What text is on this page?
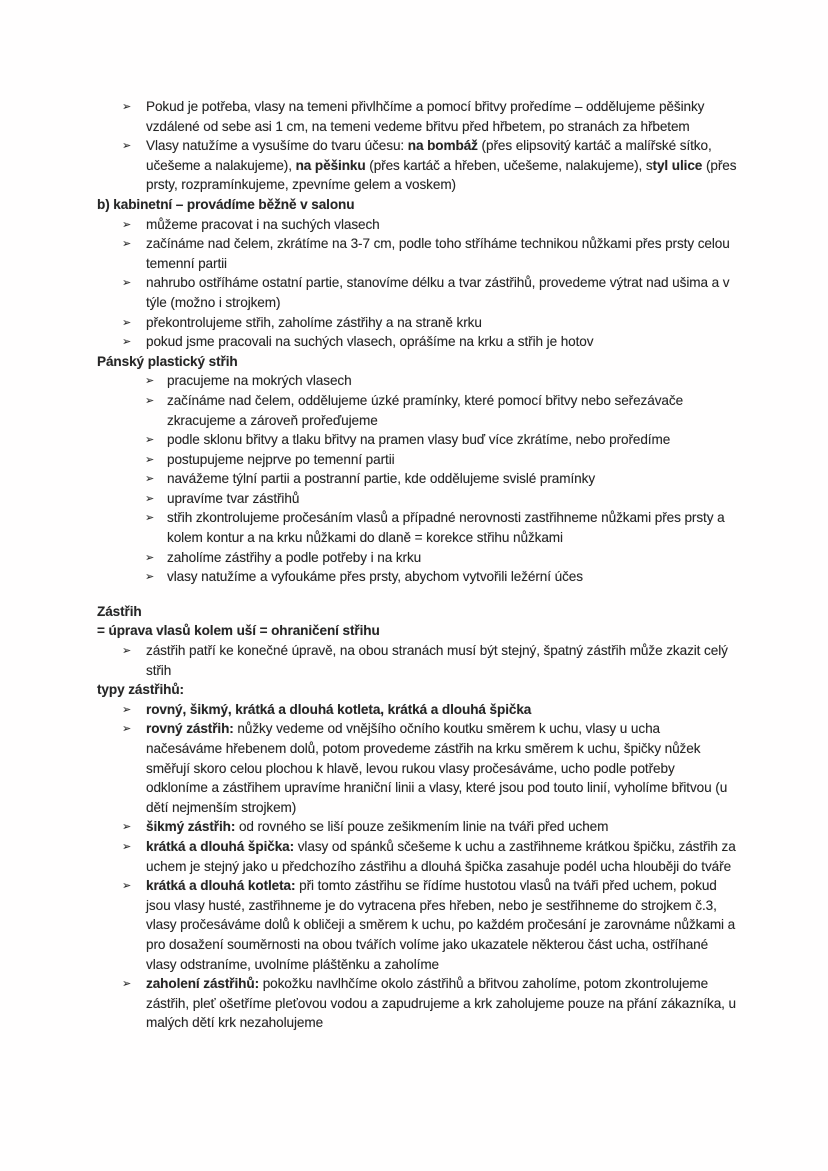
➢	Pokud je potřeba, vlasy na temeni přivlhčíme a pomocí břitvy proředíme – oddělujeme pěšinky vzdálené od sebe asi 1 cm, na temeni vedeme břitvu před hřbetem, po stranách za hřbetem
➢	Vlasy natužíme a vysušíme do tvaru účesu: na bombáž (přes elipsovitý kartáč a malířské sítko, učešeme a nalakujeme), na pěšinku (přes kartáč a hřeben, učešeme, nalakujeme), styl ulice (přes prsty, rozpramínkujeme, zpevníme gelem a voskem)
b) kabinetní – provádíme běžně v salonu
➢	můžeme pracovat i na suchých vlasech
➢	začínáme nad čelem, zkrátíme na 3-7 cm, podle toho stříháme technikou nůžkami přes prsty celou temenní partii
➢	nahrubo ostříháme ostatní partie, stanovíme délku a tvar zástřihů, provedeme výtrat nad ušima a v týle (možno i strojkem)
➢	překontrolujeme střih, zaholíme zástřihy a na straně krku
➢	pokud jsme pracovali na suchých vlasech, oprášíme na krku a střih je hotov
Pánský plastický střih
➢ pracujeme na mokrých vlasech
➢ začínáme nad čelem, oddělujeme úzké pramínky, které pomocí břitvy nebo seřezávače zkracujeme a zároveň prořeďujeme
➢ podle sklonu břitvy a tlaku břitvy na pramen vlasy buď více zkrátíme, nebo proředíme
➢ postupujeme nejprve po temenní partii
➢ navážeme týlní partii a postranní partie, kde oddělujeme svislé pramínky
➢ upravíme tvar zástřihů
➢ střih zkontrolujeme pročesáním vlasů a případné nerovnosti zastřihneme nůžkami přes prsty a kolem kontur a na krku nůžkami do dlaně = korekce střihu nůžkami
➢ zaholíme zástřihy a podle potřeby i na krku
➢ vlasy natužíme a vyfoukáme přes prsty, abychom vytvořili ležérní účes
Zástřih
= úprava vlasů kolem uší = ohraničení střihu
➢	zástřih patří ke konečné úpravě, na obou stranách musí být stejný, špatný zástřih může zkazit celý střih
typy zástřihů:
➢	rovný, šikmý, krátká a dlouhá kotleta, krátká a dlouhá špička
➢	rovný zástřih: nůžky vedeme od vnějšího očního koutku směrem k uchu, vlasy u ucha načesáváme hřebenem dolů, potom provedeme zástřih na krku směrem k uchu, špičky nůžek směřují skoro celou plochou k hlavě, levou rukou vlasy pročesáváme, ucho podle potřeby odkloníme a zástřihem upravíme hraniční linii a vlasy, které jsou pod touto linií, vyholíme břitvou (u dětí nejmenším strojkem)
➢	šikmý zástřih: od rovného se liší pouze zešikmením linie na tváři před uchem
➢	krátká a dlouhá špička: vlasy od spánků sčešeme k uchu a zastřihneme krátkou špičku, zástřih za uchem je stejný jako u předchozího zástřihu a dlouhá špička zasahuje podél ucha hlouběji do tváře
➢	krátká a dlouhá kotleta: při tomto zástřihu se řídíme hustotou vlasů na tváři před uchem, pokud jsou vlasy husté, zastřihneme je do vytracena přes hřeben, nebo je sestřihneme do strojkem č.3, vlasy pročesáváme dolů k obličeji a směrem k uchu, po každém pročesání je zarovnáme nůžkami a pro dosažení souměrnosti na obou tvářích volíme jako ukazatele některou část ucha, ostříhané vlasy odstraníme, uvolníme pláštěnku a zaholíme
➢	zaholení zástřihů: pokožku navlhčíme okolo zástřihů a břitvou zaholíme, potom zkontrolujeme zástřih, pleť ošetříme pleťovou vodou a zapudrujeme a krk zaholujeme pouze na přání zákazníka, u malých dětí krk nezaholujeme
